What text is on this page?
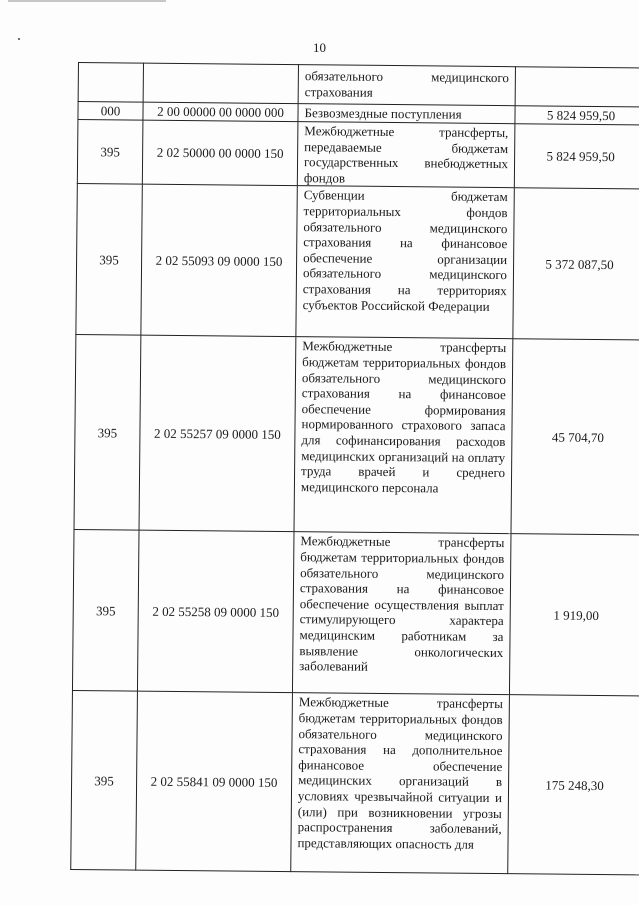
10

		обязательного медицинского страхования	

000	2 00 00000 00 0000 000	Безвозмездные поступления	5 824 959,50
395	2 02 50000 00 0000 150	Межбюджетные трансферты, передаваемые бюджетам государственных внебюджетных фондов	5 824 959,50
395	2 02 55093 09 0000 150	Субвенции бюджетам территориальных фондов обязательного медицинского страхования на финансовое обеспечение организации обязательного медицинского страхования на территориях субъектов Российской Федерации	5 372 087,50
395	2 02 55257 09 0000 150	Межбюджетные трансферты бюджетам территориальных фондов обязательного медицинского страхования на финансовое обеспечение формирования нормированного страхового запаса для софинансирования расходов медицинских организаций на оплату труда врачей и среднего медицинского персонала	45 704,70
395	2 02 55258 09 0000 150	Межбюджетные трансферты бюджетам территориальных фондов обязательного медицинского страхования на финансовое обеспечение осуществления выплат стимулирующего характера медицинским работникам за выявление онкологических заболеваний	1 919,00
395	2 02 55841 09 0000 150	Межбюджетные трансферты бюджетам территориальных фондов обязательного медицинского страхования на дополнительное финансовое обеспечение медицинских организаций в условиях чрезвычайной ситуации и (или) при возникновении угрозы распространения заболеваний, представляющих опасность для	175 248,30
